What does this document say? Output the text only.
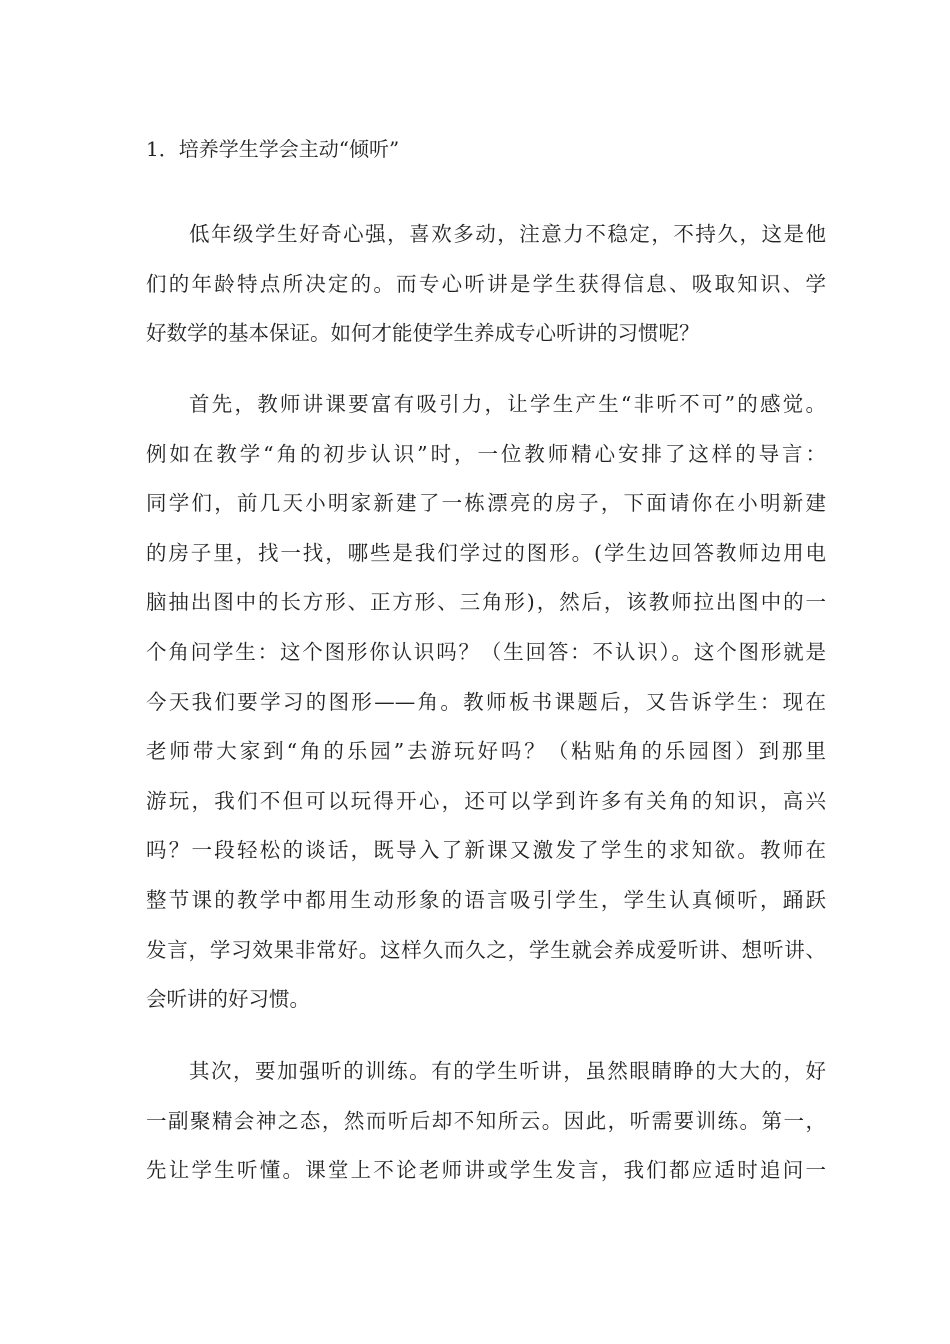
1．培养学生学会主动“倾听”
低年级学生好奇心强，喜欢多动，注意力不稳定，不持久，这是他
们的年龄特点所决定的。而专心听讲是学生获得信息、吸取知识、学
好数学的基本保证。如何才能使学生养成专心听讲的习惯呢？
首先，教师讲课要富有吸引力，让学生产生“非听不可”的感觉。
例如在教学“角的初步认识”时，一位教师精心安排了这样的导言：
同学们，前几天小明家新建了一栋漂亮的房子，下面请你在小明新建
的房子里，找一找，哪些是我们学过的图形。(学生边回答教师边用电
脑抽出图中的长方形、正方形、三角形)，然后，该教师拉出图中的一
个角问学生：这个图形你认识吗？（生回答：不认识）。这个图形就是
今天我们要学习的图形——角。教师板书课题后，又告诉学生：现在
老师带大家到“角的乐园”去游玩好吗？（粘贴角的乐园图）到那里
游玩，我们不但可以玩得开心，还可以学到许多有关角的知识，高兴
吗？一段轻松的谈话，既导入了新课又激发了学生的求知欲。教师在
整节课的教学中都用生动形象的语言吸引学生，学生认真倾听，踊跃
发言，学习效果非常好。这样久而久之，学生就会养成爱听讲、想听讲、
会听讲的好习惯。
其次，要加强听的训练。有的学生听讲，虽然眼睛睁的大大的，好
一副聚精会神之态，然而听后却不知所云。因此，听需要训练。第一，
先让学生听懂。课堂上不论老师讲或学生发言，我们都应适时追问一
